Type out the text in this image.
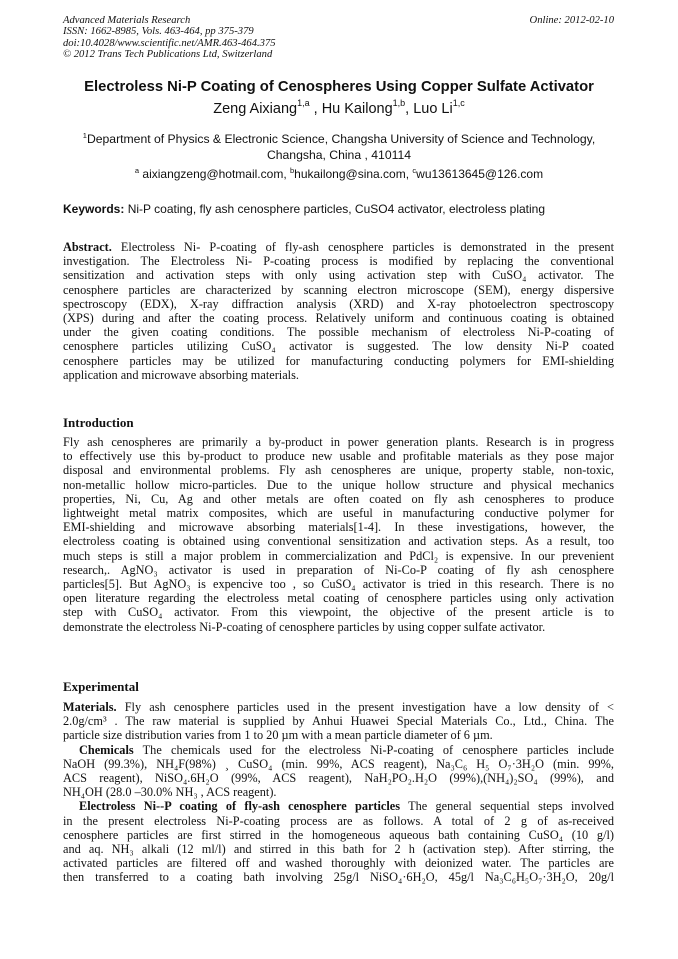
Advanced Materials Research
ISSN: 1662-8985, Vols. 463-464, pp 375-379
doi:10.4028/www.scientific.net/AMR.463-464.375
© 2012 Trans Tech Publications Ltd, Switzerland
Online: 2012-02-10
Electroless Ni-P Coating of Cenospheres Using Copper Sulfate Activator
Zeng Aixiang$^{1,a}$ , Hu Kailong$^{1,b}$, Luo Li$^{1,c}$
$^1$Department of Physics & Electronic Science, Changsha University of Science and Technology,
Changsha, China , 410114
$^a$ aixiangzeng@hotmail.com, $^b$hukailong@sina.com, $^c$wu13613645@126.com
Keywords: Ni-P coating, fly ash cenosphere particles, CuSO4 activator, electroless plating
Abstract. Electroless Ni- P-coating of fly-ash cenosphere particles is demonstrated in the present
investigation. The Electroless Ni- P-coating process is modified by replacing the conventional
sensitization and activation steps with only using activation step with CuSO₄ activator. The
cenosphere particles are characterized by scanning electron microscope (SEM), energy dispersive
spectroscopy (EDX), X-ray diffraction analysis (XRD) and X-ray photoelectron spectroscopy
(XPS) during and after the coating process. Relatively uniform and continuous coating is obtained
under the given coating conditions. The possible mechanism of electroless Ni-P-coating of
cenosphere particles utilizing CuSO₄ activator is suggested. The low density Ni-P coated
cenosphere particles may be utilized for manufacturing conducting polymers for EMI-shielding
application and microwave absorbing materials.
Introduction
Fly ash cenospheres are primarily a by-product in power generation plants. Research is in progress
to effectively use this by-product to produce new usable and profitable materials as they pose major
disposal and environmental problems. Fly ash cenospheres are unique, property stable, non-toxic,
non-metallic hollow micro-particles. Due to the unique hollow structure and physical mechanics
properties, Ni, Cu, Ag and other metals are often coated on fly ash cenospheres to produce
lightweight metal matrix composites, which are useful in manufacturing conductive polymer for
EMI-shielding and microwave absorbing materials[1-4]. In these investigations, however, the
electroless coating is obtained using conventional sensitization and activation steps. As a result, too
much steps is still a major problem in commercialization and PdCl₂ is expensive. In our prevenient
research,. AgNO₃ activator is used in preparation of Ni-Co-P coating of fly ash cenosphere
particles[5]. But AgNO₃ is expencive too , so CuSO₄ activator is tried in this research. There is no
open literature regarding the electroless metal coating of cenosphere particles using only activation
step with CuSO₄ activator. From this viewpoint, the objective of the present article is to
demonstrate the electroless Ni-P-coating of cenosphere particles by using copper sulfate activator.
Experimental
Materials. Fly ash cenosphere particles used in the present investigation have a low density of <
2.0g/cm³ . The raw material is supplied by Anhui Huawei Special Materials Co., Ltd., China. The
particle size distribution varies from 1 to 20 µm with a mean particle diameter of 6 µm.
Chemicals The chemicals used for the electroless Ni-P-coating of cenosphere particles include
NaOH (99.3%), NH₄F(98%) ¸ CuSO₄ (min. 99%, ACS reagent), Na₃C₆ H₅ O₇·3H₂O (min. 99%,
ACS reagent), NiSO₄.6H₂O (99%, ACS reagent), NaH₂PO₂.H₂O (99%),(NH₄)₂SO₄ (99%), and
NH₄OH (28.0 –30.0% NH₃ , ACS reagent).
Electroless Ni--P coating of fly-ash cenosphere particles The general sequential steps involved
in the present electroless Ni-P-coating process are as follows. A total of 2 g of as-received
cenosphere particles are first stirred in the homogeneous aqueous bath containing CuSO₄ (10 g/l)
and aq. NH₃ alkali (12 ml/l) and stirred in this bath for 2 h (activation step). After stirring, the
activated particles are filtered off and washed thoroughly with deionized water. The particles are
then transferred to a coating bath involving 25g/l NiSO₄·6H₂O, 45g/l Na₃C₆H₅O₇·3H₂O, 20g/l
